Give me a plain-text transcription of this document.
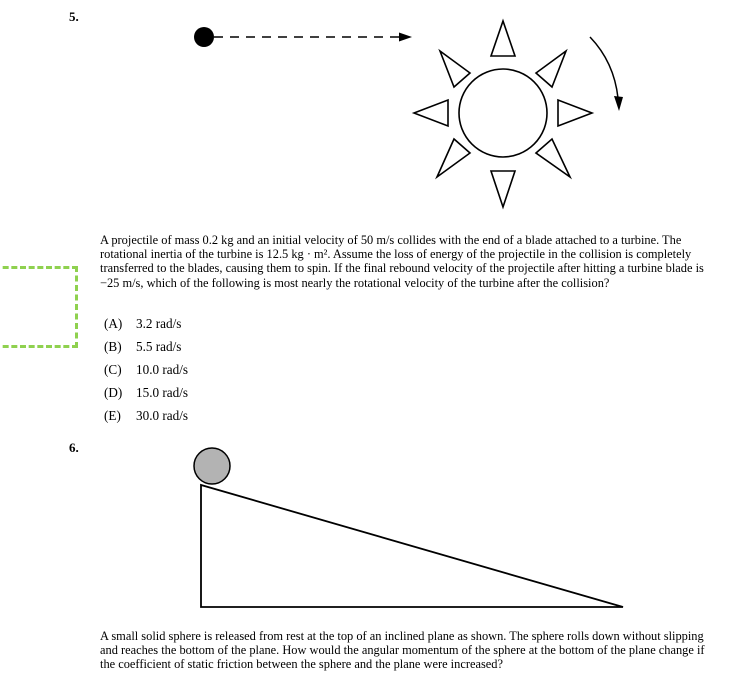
5.
A projectile of mass 0.2 kg and an initial velocity of 50 m/s collides with the end of a blade attached to a turbine. The rotational inertia of the turbine is 12.5 kg · m². Assume the loss of energy of the projectile in the collision is completely transferred to the blades, causing them to spin. If the final rebound velocity of the projectile after hitting a turbine blade is −25 m/s, which of the following is most nearly the rotational velocity of the turbine after the collision?
(A)	3.2 rad/s
(B)	5.5 rad/s
(C)	10.0 rad/s
(D)	15.0 rad/s
(E)	30.0 rad/s
6.
A small solid sphere is released from rest at the top of an inclined plane as shown. The sphere rolls down without slipping and reaches the bottom of the plane. How would the angular momentum of the sphere at the bottom of the plane change if the coefficient of static friction between the sphere and the plane were increased?
